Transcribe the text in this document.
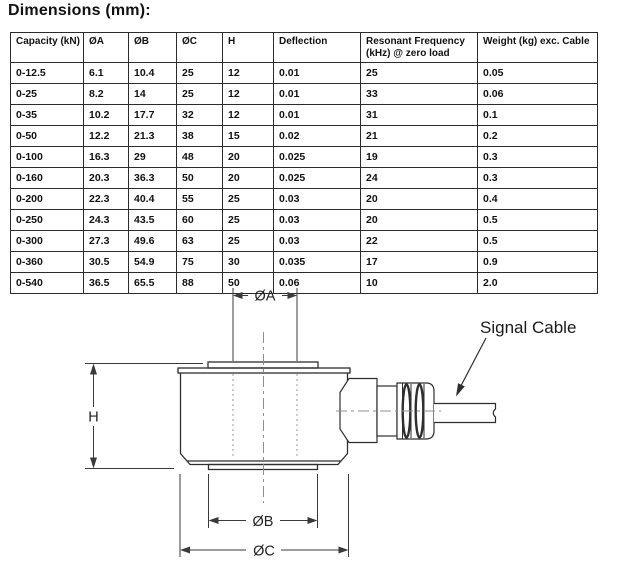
Dimensions (mm):
Capacity (kN)	ØA	ØB	ØC	H	Deflection	Resonant Frequency (kHz) @ zero load	Weight (kg) exc. Cable
0-12.5	6.1	10.4	25	12	0.01	25	0.05
0-25	8.2	14	25	12	0.01	33	0.06
0-35	10.2	17.7	32	12	0.01	31	0.1
0-50	12.2	21.3	38	15	0.02	21	0.2
0-100	16.3	29	48	20	0.025	19	0.3
0-160	20.3	36.3	50	20	0.025	24	0.3
0-200	22.3	40.4	55	25	0.03	20	0.4
0-250	24.3	43.5	60	25	0.03	20	0.5
0-300	27.3	49.6	63	25	0.03	22	0.5
0-360	30.5	54.9	75	30	0.035	17	0.9
0-540	36.5	65.5	88	50	0.06	10	2.0
ØA
H
ØB
ØC
Signal Cable
